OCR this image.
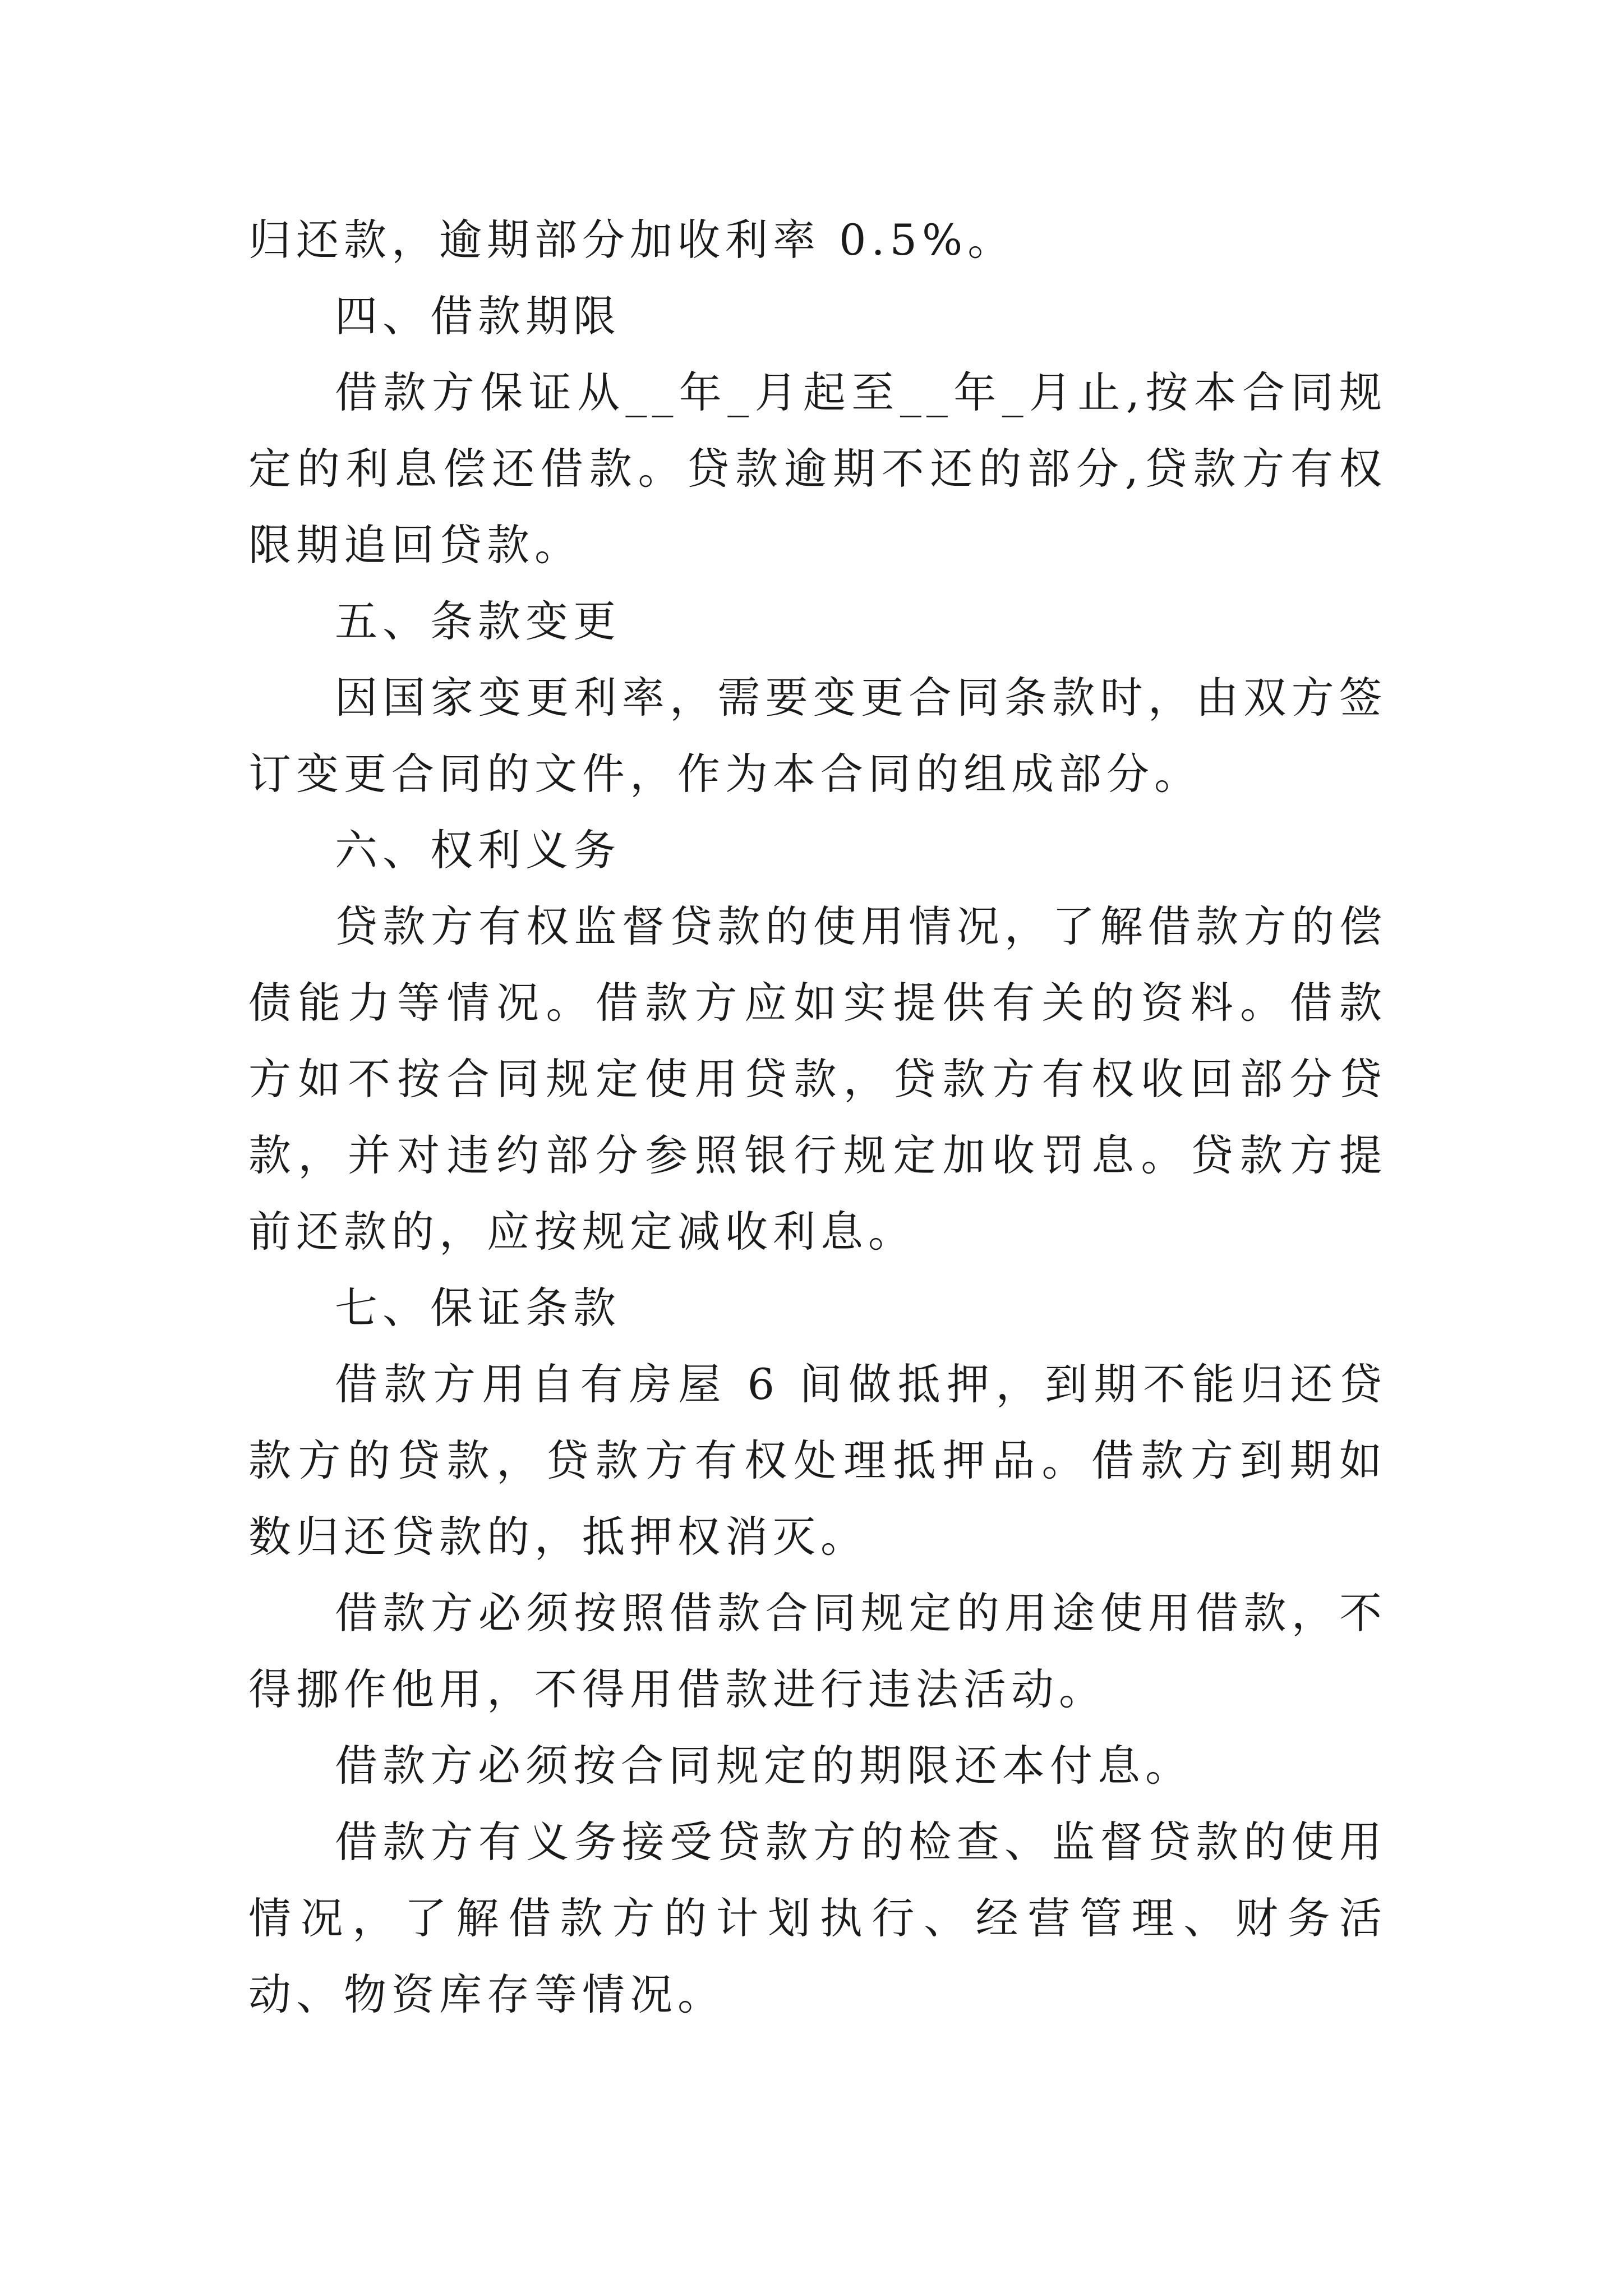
归还款，逾期部分加收利率 0.5%。

四、借款期限

借款方保证从__年_月起至__年_月止,按本合同规定的利息偿还借款。贷款逾期不还的部分,贷款方有权限期追回贷款。

五、条款变更

因国家变更利率，需要变更合同条款时，由双方签订变更合同的文件，作为本合同的组成部分。

六、权利义务

贷款方有权监督贷款的使用情况，了解借款方的偿债能力等情况。借款方应如实提供有关的资料。借款方如不按合同规定使用贷款，贷款方有权收回部分贷款，并对违约部分参照银行规定加收罚息。贷款方提前还款的，应按规定减收利息。

七、保证条款

借款方用自有房屋 6 间做抵押，到期不能归还贷款方的贷款，贷款方有权处理抵押品。借款方到期如数归还贷款的，抵押权消灭。

借款方必须按照借款合同规定的用途使用借款，不得挪作他用，不得用借款进行违法活动。

借款方必须按合同规定的期限还本付息。

借款方有义务接受贷款方的检查、监督贷款的使用情况，了解借款方的计划执行、经营管理、财务活动、物资库存等情况。
